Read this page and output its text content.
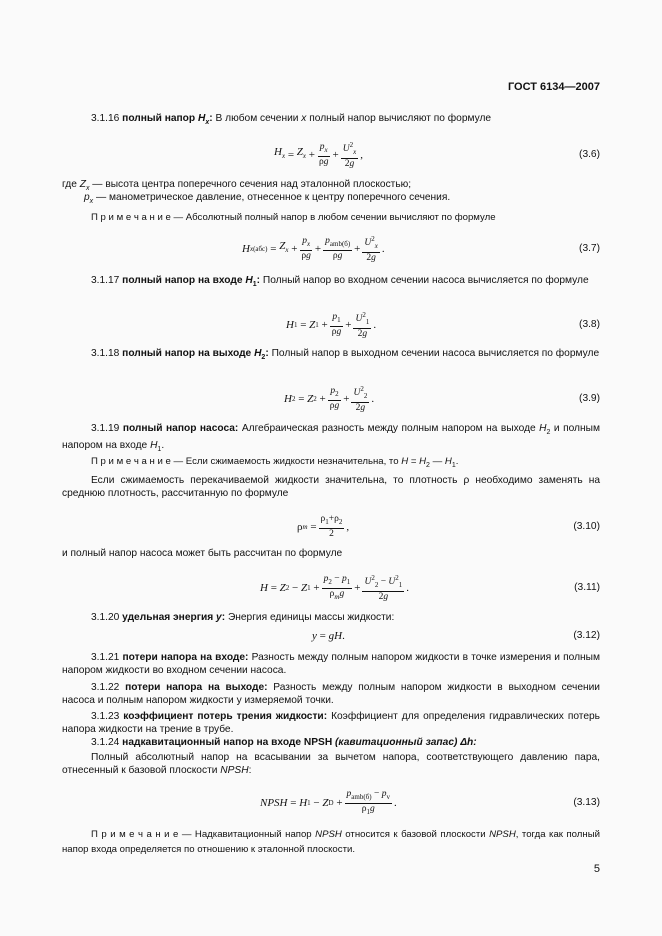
ГОСТ 6134—2007
3.1.16 полный напор $H_x$: В любом сечении x полный напор вычисляют по формуле
$H_x = Z_x + \frac{p_x}{\rho g} + \frac{U^2_x}{2g}$ ,	(3.6)
где $Z_x$ — высота центра поперечного сечения над эталонной плоскостью;
$p_x$ — манометрическое давление, отнесенное к центру поперечного сечения.
П р и м е ч а н и е — Абсолютный полный напор в любом сечении вычисляют по формуле
H $x(абс) = Z_x + \frac{p_x}{\rho g} + \frac{p_{amb(б)}}{\rho g} + \frac{U^2_x}{2g}$ .	(3.7)
3.1.17 полный напор на входе $H_1$: Полный напор во входном сечении насоса вычисляется по формуле
H 1 = Z $1 + \frac{p_1}{\rho g} + \frac{U^2_1}{2g}$ .	(3.8)
3.1.18 полный напор на выходе $H_2$: Полный напор в выходном сечении насоса вычисляется по формуле
H 2 = Z $2 + \frac{p_2}{\rho g} + \frac{U^2_2}{2g}$ .	(3.9)
3.1.19 полный напор насоса: Алгебраическая разность между полным напором на выходе $H_2$ и полным напором на входе $H_1$.
П р и м е ч а н и е — Если сжимаемость жидкости незначительна, то $H = H_2$ — $H_1$.
Если сжимаемость перекачиваемой жидкости значительна, то плотность ρ необходимо заменять на среднюю плотность, рассчитанную по формуле
ρ $m = \frac{\rho_1+\rho_2}{2}$ ,	(3.10)
и полный напор насоса может быть рассчитан по формуле
H = Z 2 − Z $1 + \frac{p_2 - p_1}{\rho_mg} + \frac{U^2_2 - U^2_1}{2g}$ .	(3.11)
3.1.20 удельная энергия y: Энергия единицы массы жидкости:
y = gH .	(3.12)
3.1.21 потери напора на входе: Разность между полным напором жидкости в точке измерения и полным напором жидкости во входном сечении насоса.
3.1.22 потери напора на выходе: Разность между полным напором жидкости в выходном сечении насоса и полным напором жидкости у измеряемой точки.
3.1.23 коэффициент потерь трения жидкости: Коэффициент для определения гидравлических потерь напора жидкости на трение в трубе.
3.1.24 надкавитационный напор на входе NPSH (кавитационный запас) Δh:
Полный абсолютный напор на всасывании за вычетом напора, соответствующего давлению пара, отнесенный к базовой плоскости NPSH:
NPSH = H 1 − Z $D + \frac{p_{amb(б)} - p_v}{\rho_1g}$ .	(3.13)
П р и м е ч а н и е — Надкавитационный напор NPSH относится к базовой плоскости NPSH, тогда как полный напор входа определяется по отношению к эталонной плоскости.
5
